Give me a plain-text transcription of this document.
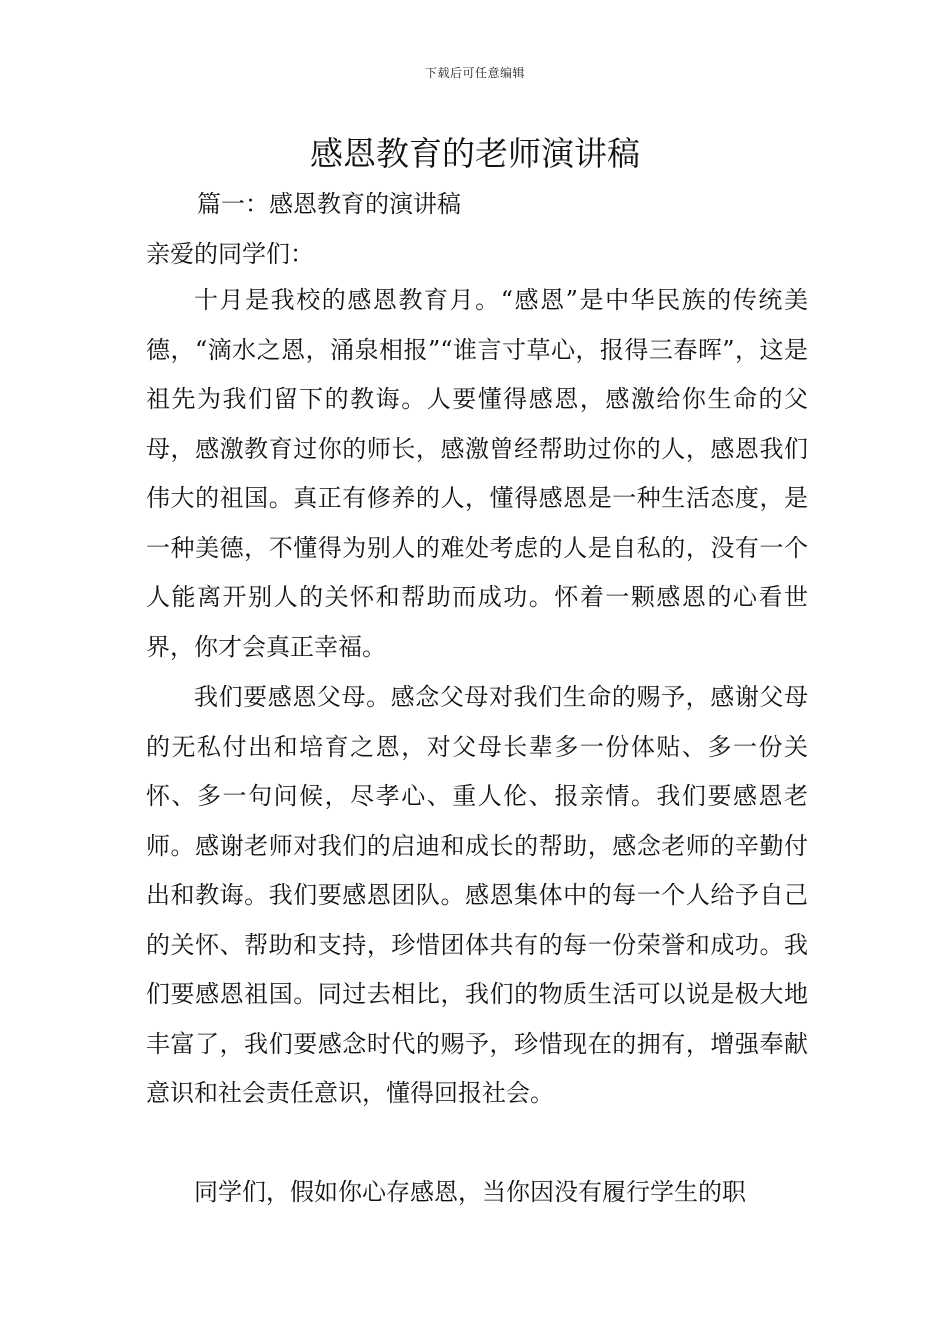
下载后可任意编辑
感恩教育的老师演讲稿
篇一：感恩教育的演讲稿
亲爱的同学们：

十月是我校的感恩教育月。“感恩”是中华民族的传统美德，“滴水之恩，涌泉相报”“谁言寸草心，报得三春晖”，这是祖先为我们留下的教诲。人要懂得感恩，感激给你生命的父母，感激教育过你的师长，感激曾经帮助过你的人，感恩我们伟大的祖国。真正有修养的人，懂得感恩是一种生活态度，是一种美德，不懂得为别人的难处考虑的人是自私的，没有一个人能离开别人的关怀和帮助而成功。怀着一颗感恩的心看世界，你才会真正幸福。

我们要感恩父母。感念父母对我们生命的赐予，感谢父母的无私付出和培育之恩，对父母长辈多一份体贴、多一份关怀、多一句问候，尽孝心、重人伦、报亲情。我们要感恩老师。感谢老师对我们的启迪和成长的帮助，感念老师的辛勤付出和教诲。我们要感恩团队。感恩集体中的每一个人给予自己的关怀、帮助和支持，珍惜团体共有的每一份荣誉和成功。我们要感恩祖国。同过去相比，我们的物质生活可以说是极大地丰富了，我们要感念时代的赐予，珍惜现在的拥有，增强奉献意识和社会责任意识，懂得回报社会。

同学们，假如你心存感恩，当你因没有履行学生的职
